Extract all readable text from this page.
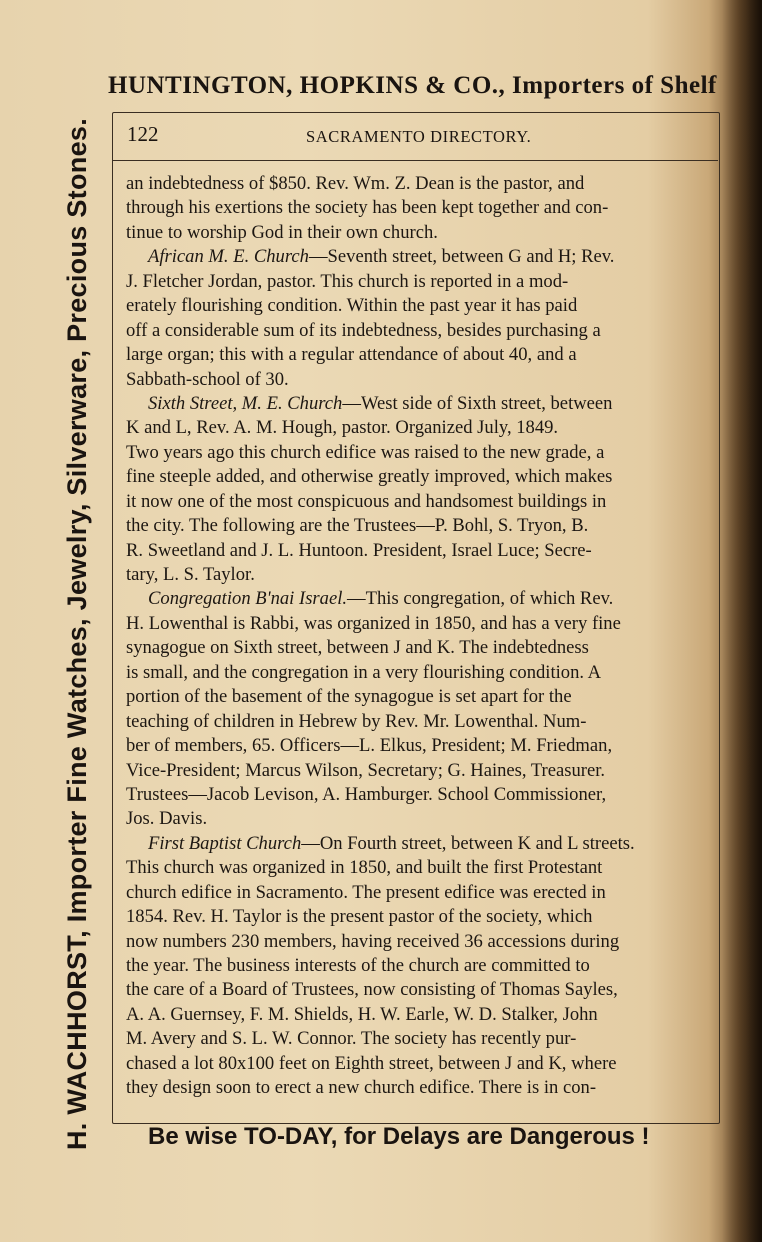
HUNTINGTON, HOPKINS & CO., Importers of Shelf
H. WACHHORST, Importer Fine Watches, Jewelry, Silverware, Precious Stones. 122	SACRAMENTO DIRECTORY.
an indebtedness of $850. Rev. Wm. Z. Dean is the pastor, and
through his exertions the society has been kept together and con-
tinue to worship God in their own church.
African M. E. Church—Seventh street, between G and H; Rev.
J. Fletcher Jordan, pastor. This church is reported in a mod-
erately flourishing condition. Within the past year it has paid
off a considerable sum of its indebtedness, besides purchasing a
large organ; this with a regular attendance of about 40, and a
Sabbath-school of 30.
Sixth Street, M. E. Church—West side of Sixth street, between
K and L, Rev. A. M. Hough, pastor. Organized July, 1849.
Two years ago this church edifice was raised to the new grade, a
fine steeple added, and otherwise greatly improved, which makes
it now one of the most conspicuous and handsomest buildings in
the city. The following are the Trustees—P. Bohl, S. Tryon, B.
R. Sweetland and J. L. Huntoon. President, Israel Luce; Secre-
tary, L. S. Taylor.
Congregation B'nai Israel.—This congregation, of which Rev.
H. Lowenthal is Rabbi, was organized in 1850, and has a very fine
synagogue on Sixth street, between J and K. The indebtedness
is small, and the congregation in a very flourishing condition. A
portion of the basement of the synagogue is set apart for the
teaching of children in Hebrew by Rev. Mr. Lowenthal. Num-
ber of members, 65. Officers—L. Elkus, President; M. Friedman,
Vice-President; Marcus Wilson, Secretary; G. Haines, Treasurer.
Trustees—Jacob Levison, A. Hamburger. School Commissioner,
Jos. Davis.
First Baptist Church—On Fourth street, between K and L streets.
This church was organized in 1850, and built the first Protestant
church edifice in Sacramento. The present edifice was erected in
1854. Rev. H. Taylor is the present pastor of the society, which
now numbers 230 members, having received 36 accessions during
the year. The business interests of the church are committed to
the care of a Board of Trustees, now consisting of Thomas Sayles,
A. A. Guernsey, F. M. Shields, H. W. Earle, W. D. Stalker, John
M. Avery and S. L. W. Connor. The society has recently pur-
chased a lot 80x100 feet on Eighth street, between J and K, where
they design soon to erect a new church edifice. There is in con-
Be wise TO-DAY, for Delays are Dangerous !
